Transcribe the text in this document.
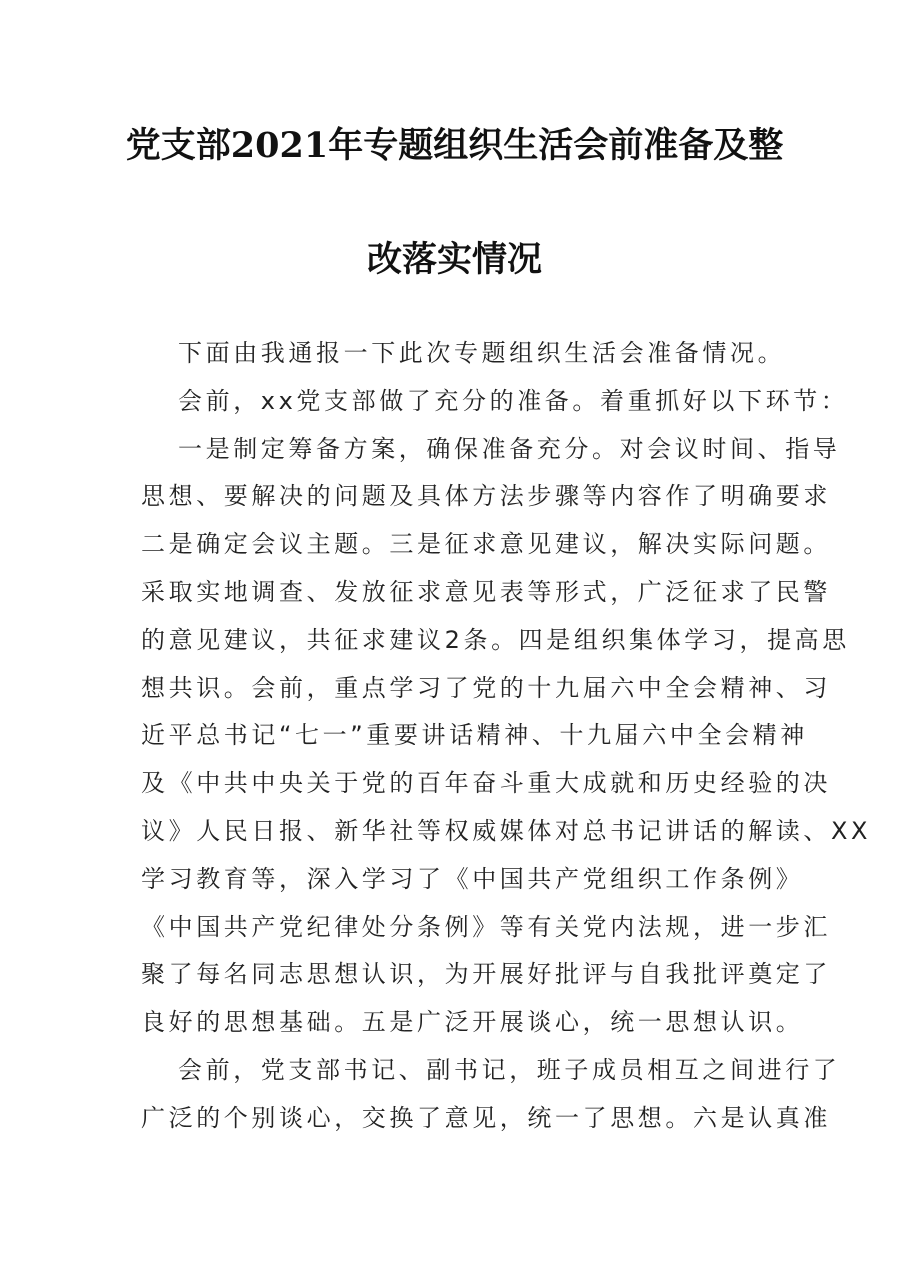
党支部2021年专题组织生活会前准备及整
改落实情况
下面由我通报一下此次专题组织生活会准备情况。
会前，xx党支部做了充分的准备。着重抓好以下环节：
一是制定筹备方案，确保准备充分。对会议时间、指导
思想、要解决的问题及具体方法步骤等内容作了明确要求
二是确定会议主题。三是征求意见建议，解决实际问题。
采取实地调查、发放征求意见表等形式，广泛征求了民警
的意见建议，共征求建议2条。四是组织集体学习，提高思
想共识。会前，重点学习了党的十九届六中全会精神、习
近平总书记“七一”重要讲话精神、十九届六中全会精神
及《中共中央关于党的百年奋斗重大成就和历史经验的决
议》人民日报、新华社等权威媒体对总书记讲话的解读、XX
学习教育等，深入学习了《中国共产党组织工作条例》
《中国共产党纪律处分条例》等有关党内法规，进一步汇
聚了每名同志思想认识，为开展好批评与自我批评奠定了
良好的思想基础。五是广泛开展谈心，统一思想认识。
会前，党支部书记、副书记，班子成员相互之间进行了
广泛的个别谈心，交换了意见，统一了思想。六是认真准
